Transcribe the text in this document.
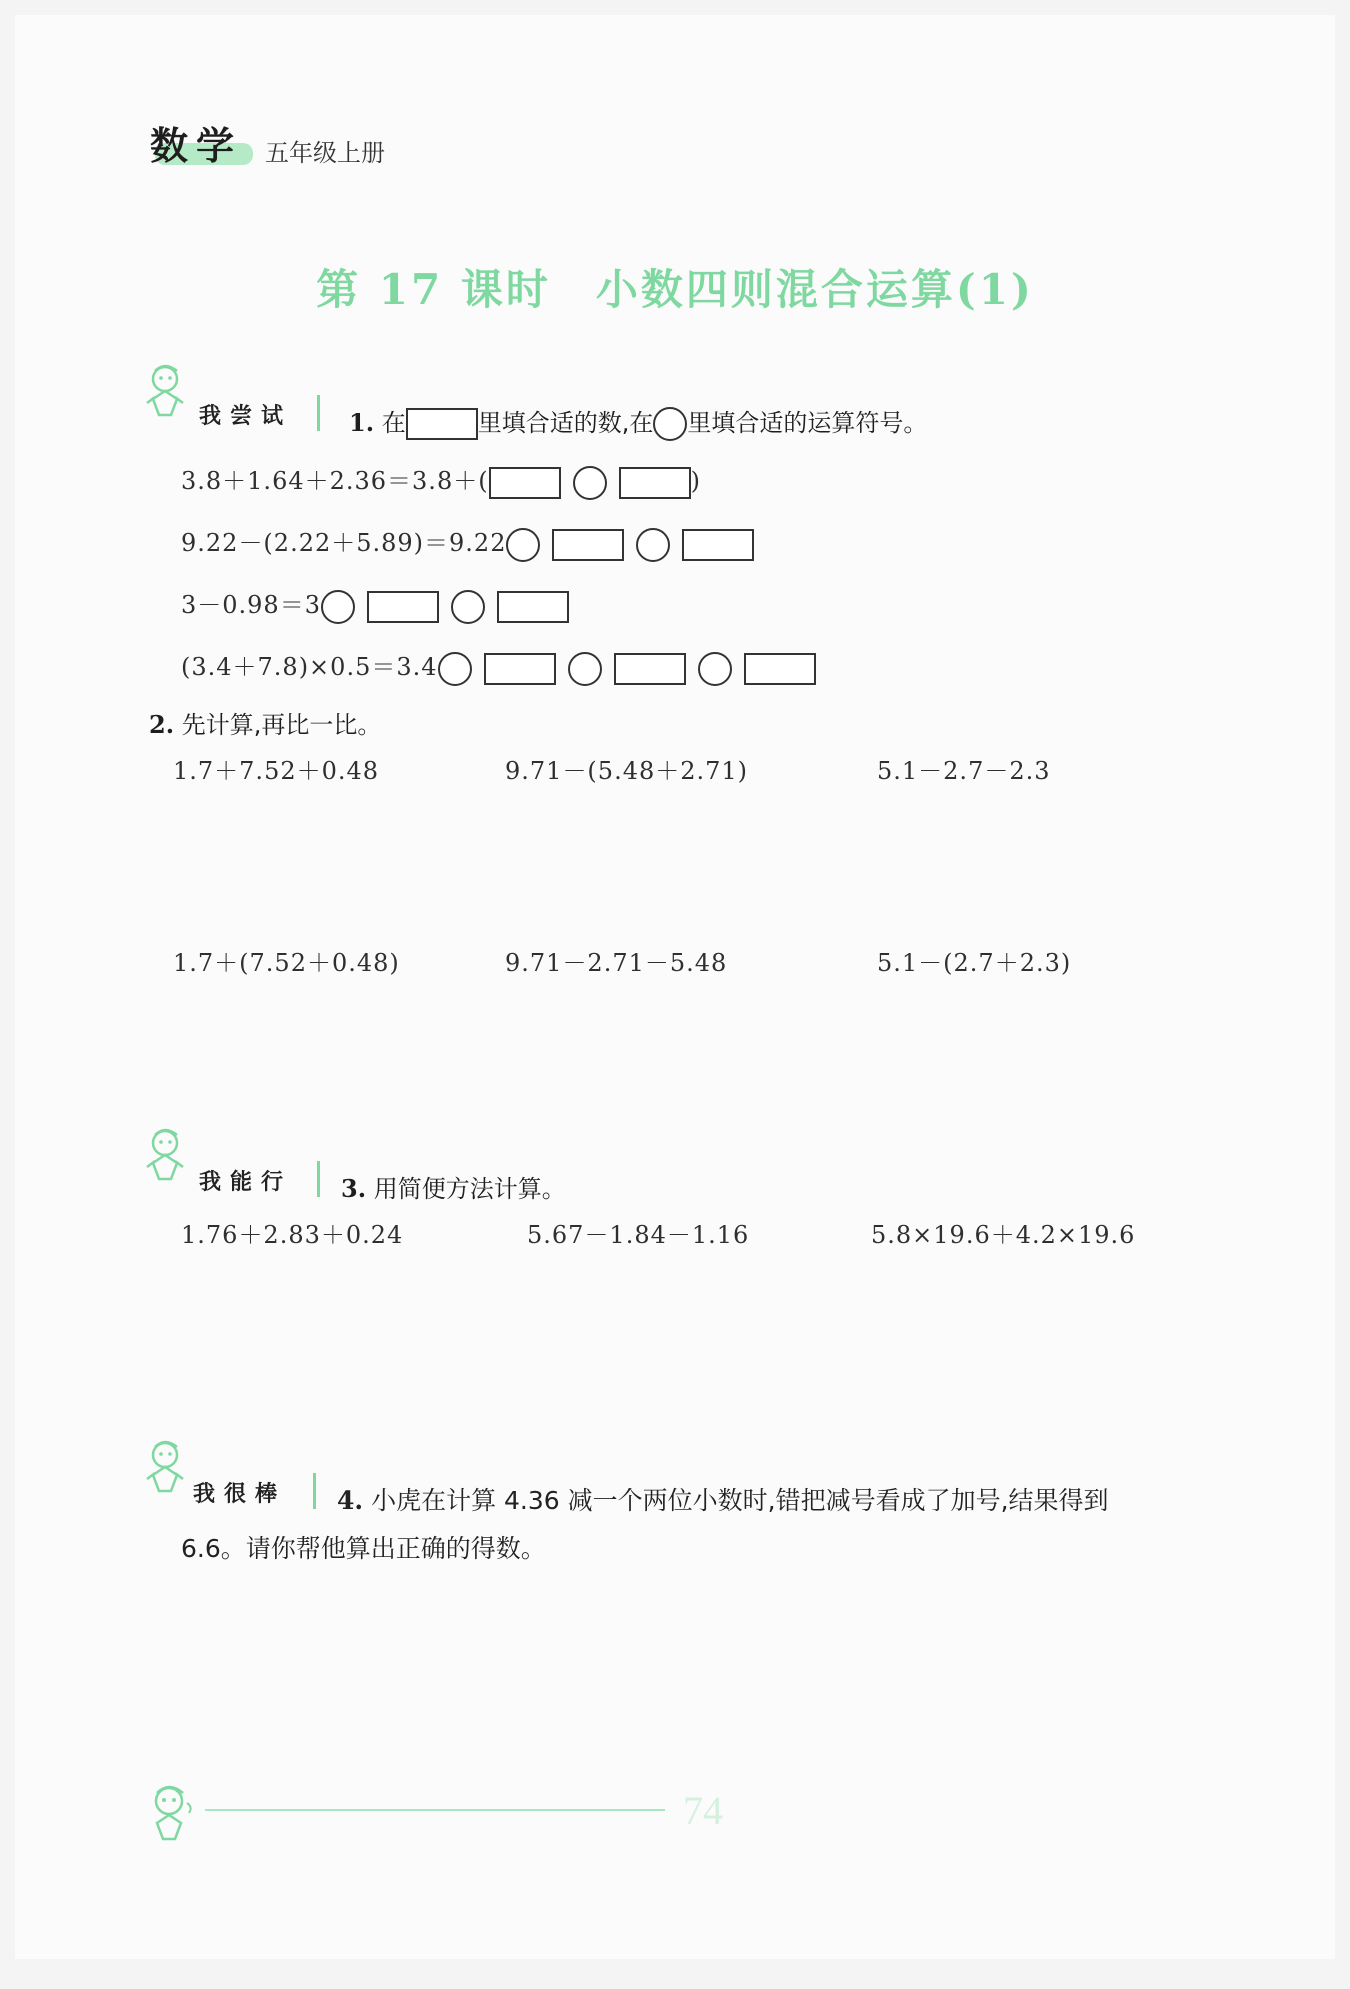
数学 五年级上册
第 17 课时　小数四则混合运算(1)
我尝试 1. 在	里填合适的数,在 里填合适的运算符号。
3.8＋1.64＋2.36＝3.8＋(	)
9.22－(2.22＋5.89)＝9.22
3－0.98＝3
(3.4＋7.8)×0.5＝3.4
2. 先计算,再比一比。
1.7＋7.52＋0.48	9.71－(5.48＋2.71)	5.1－2.7－2.3
1.7＋(7.52＋0.48)	9.71－2.71－5.48	5.1－(2.7＋2.3)
我能行 3. 用简便方法计算。
1.76＋2.83＋0.24	5.67－1.84－1.16	5.8×19.6＋4.2×19.6
我很棒 4. 小虎在计算 4.36 减一个两位小数时,错把减号看成了加号,结果得到
6.6。请你帮他算出正确的得数。
74
